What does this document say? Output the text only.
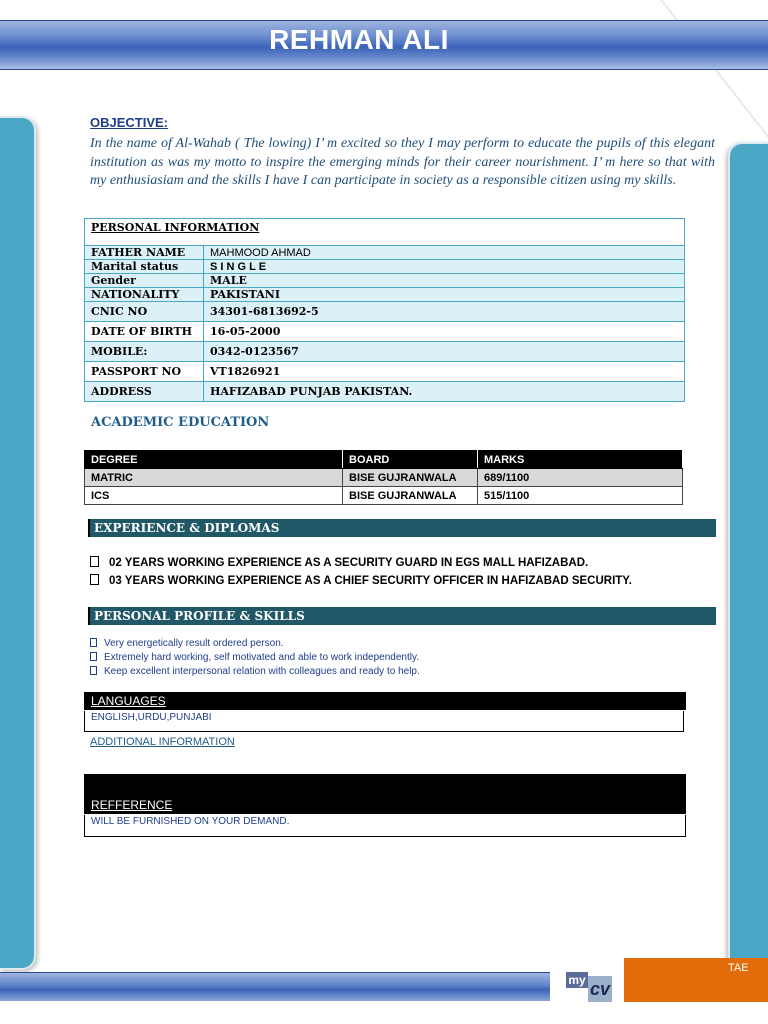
REHMAN ALI
OBJECTIVE:
In the name of Al-Wahab ( The lowing) I’ m excited so they I may perform to educate the pupils of this elegant institution as was my motto to inspire the emerging minds for their career nourishment. I’ m here so that with my enthusiasiam and the skills I have I can participate in society as a responsible citizen using my skills.
PERSONAL INFORMATION	
FATHER NAME	MAHMOOD AHMAD
Marital status	S I N G L E
Gender	MALE
NATIONALITY	PAKISTANI
CNIC NO	34301-6813692-5
DATE OF BIRTH	16-05-2000
MOBILE:	0342-0123567
PASSPORT NO	VT1826921
ADDRESS	HAFIZABAD PUNJAB PAKISTAN.
ACADEMIC EDUCATION
DEGREE	BOARD	MARKS
MATRIC	BISE GUJRANWALA	689/1100
ICS	BISE GUJRANWALA	515/1100
EXPERIENCE & DIPLOMAS
02 YEARS WORKING EXPERIENCE AS A SECURITY GUARD IN EGS MALL HAFIZABAD.
03 YEARS WORKING EXPERIENCE AS A CHIEF SECURITY OFFICER IN HAFIZABAD SECURITY.
PERSONAL PROFILE & SKILLS
Very energetically result ordered person.
Extremely hard working, self motivated and able to work independently.
Keep excellent interpersonal relation with colleagues and ready to help.
LANGUAGES
ENGLISH,URDU,PUNJABI
ADDITIONAL INFORMATION
REFFERENCE
WILL BE FURNISHED ON YOUR DEMAND.
TAE
my cv
